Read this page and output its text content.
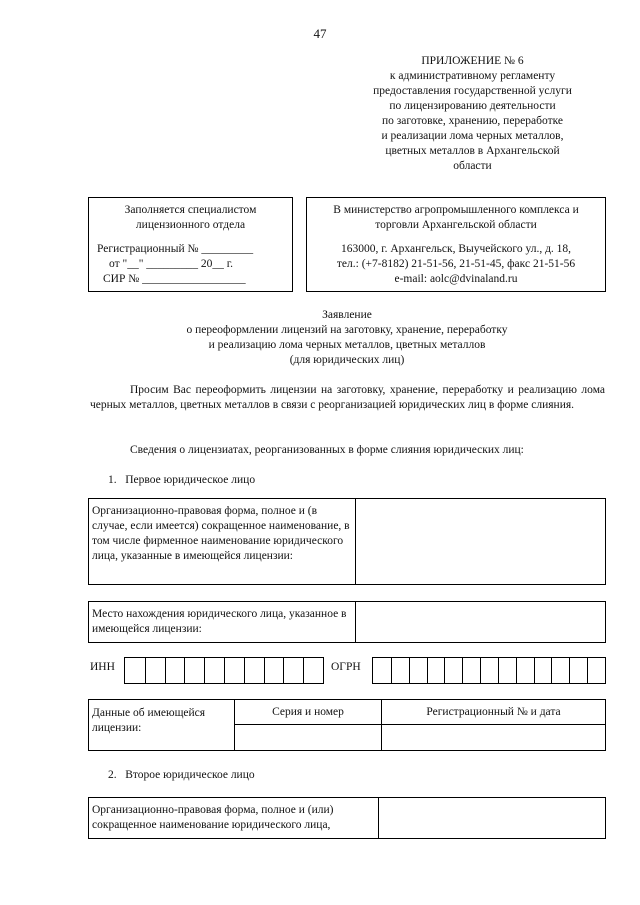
47
ПРИЛОЖЕНИЕ № 6
к административному регламенту
предоставления государственной услуги
по лицензированию деятельности
по заготовке, хранению, переработке
и реализации лома черных металлов,
цветных металлов в Архангельской
области
Заполняется специалистом
лицензионного отдела
Регистрационный № _________
от "__" _________ 20__ г.
СИР № __________________
В министерство агропромышленного комплекса и
торговли Архангельской области
163000, г. Архангельск, Выучейского ул., д. 18,
тел.: (+7-8182) 21-51-56, 21-51-45, факс 21-51-56
e-mail: aolc@dvinaland.ru
Заявление
о переоформлении лицензий на заготовку, хранение, переработку
и реализацию лома черных металлов, цветных металлов
(для юридических лиц)
Просим Вас переоформить лицензии на заготовку, хранение, переработку и реализацию лома черных металлов, цветных металлов в связи с реорганизацией юридических лиц в форме слияния.
Сведения о лицензиатах, реорганизованных в форме слияния юридических лиц:
1.   Первое юридическое лицо
Организационно-правовая форма, полное и (в случае, если имеется) сокращенное наименование, в том числе фирменное наименование юридического лица, указанные в имеющейся лицензии:
Место нахождения юридического лица, указанное в имеющейся лицензии:
ИНН	ОГРН
Данные об имеющейся лицензии:
Серия и номер	Регистрационный № и дата
2.   Второе юридическое лицо
Организационно-правовая форма, полное и (или) сокращенное наименование юридического лица,
